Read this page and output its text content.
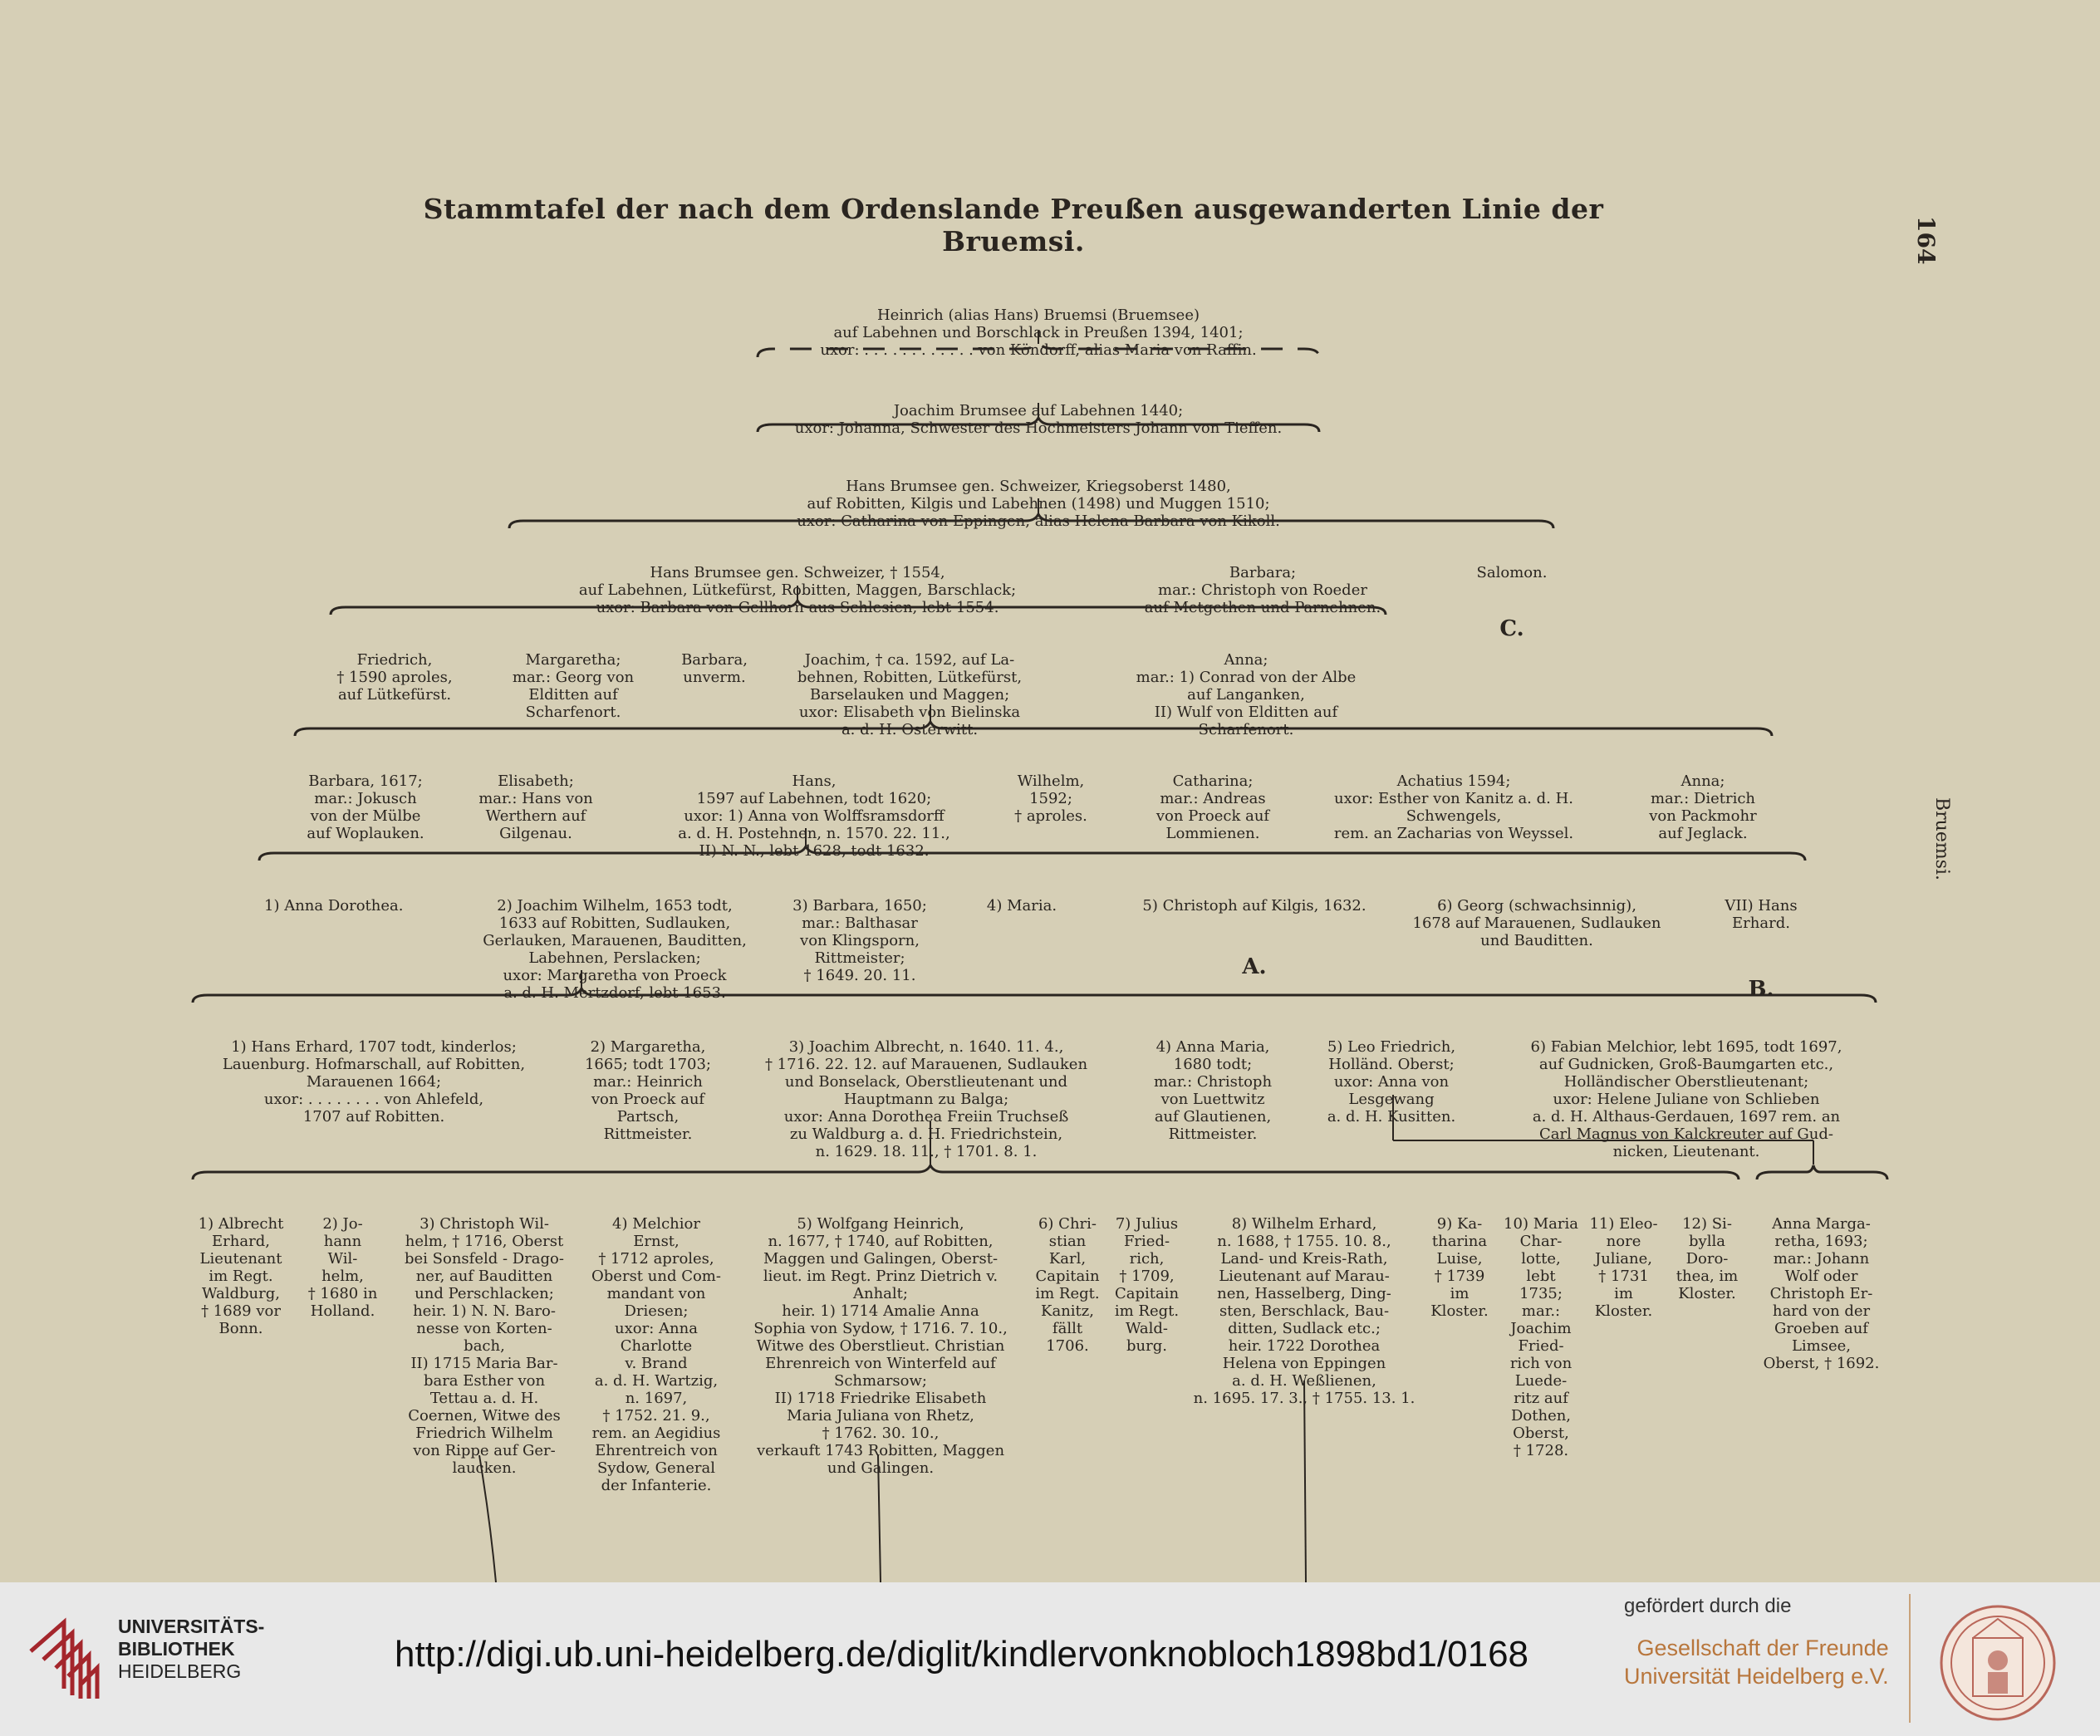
Stammtafel der nach dem Ordenslande Preußen ausgewanderten Linie der Bruemsi.	164
Bruemsi.

Heinrich (alias Hans) Bruemsi (Bruemsee)
auf Labehnen und Borschlack in Preußen 1394, 1401;
uxor: . . . . . . . . . . . . von Köndorff, alias Maria von Raffin.

Joachim Brumsee auf Labehnen 1440;
uxor: Johanna, Schwester des Hochmeisters Johann von Tieffen.

Hans Brumsee gen. Schweizer, Kriegsoberst 1480,
auf Robitten, Kilgis und Labehnen (1498) und Muggen 1510;
uxor: Catharina von Eppingen, alias Helena Barbara von Kikoll.

Hans Brumsee gen. Schweizer, † 1554,
auf Labehnen, Lütkefürst, Robitten, Maggen, Barschlack;
uxor: Barbara von Gellhorn aus Schlesien, lebt 1554.

Barbara;
mar.: Christoph von Roeder
auf Metgethen und Parnehnen.

Salomon.

C.

Friedrich,
† 1590 aproles,
auf Lütkefürst.

Margaretha;
mar.: Georg von
Elditten auf
Scharfenort.

Barbara,
unverm.

Joachim, † ca. 1592, auf La-
behnen, Robitten, Lütkefürst,
Barselauken und Maggen;
uxor: Elisabeth von Bielinska
a. d. H. Osterwitt.

Anna;
mar.: 1) Conrad von der Albe
auf Langanken,
II) Wulf von Elditten auf
Scharfenort.

Barbara, 1617;
mar.: Jokusch
von der Mülbe
auf Woplauken.

Elisabeth;
mar.: Hans von
Werthern auf
Gilgenau.

Hans,
1597 auf Labehnen, todt 1620;
uxor: 1) Anna von Wolffsramsdorff
a. d. H. Postehnen, n. 1570. 22. 11.,
II) N. N., lebt 1628, todt 1632.

Wilhelm,
1592;
† aproles.

Catharina;
mar.: Andreas
von Proeck auf
Lommienen.

Achatius 1594;
uxor: Esther von Kanitz a. d. H.
Schwengels,
rem. an Zacharias von Weyssel.

Anna;
mar.: Dietrich
von Packmohr
auf Jeglack.

1) Anna Dorothea.

	2) Joachim Wilhelm, 1653 todt,
1633 auf Robitten, Sudlauken,
Gerlauken, Marauenen, Bauditten,
Labehnen, Perslacken;
uxor: Margaretha von Proeck
a. d. H. Mertzdorf, lebt 1653.

3) Barbara, 1650;
mar.: Balthasar
von Klingsporn,
Rittmeister;
† 1649. 20. 11.

4) Maria.

	5) Christoph auf Kilgis, 1632.

A.

6) Georg (schwachsinnig),
1678 auf Marauenen, Sudlauken
und Bauditten.

VII) Hans
Erhard.

B.

1) Hans Erhard, 1707 todt, kinderlos;
Lauenburg. Hofmarschall, auf Robitten,
Marauenen 1664;
uxor: . . . . . . . . von Ahlefeld,
1707 auf Robitten.

2) Margaretha,
1665; todt 1703;
mar.: Heinrich
von Proeck auf
Partsch,
Rittmeister.

3) Joachim Albrecht, n. 1640. 11. 4.,
† 1716. 22. 12. auf Marauenen, Sudlauken
und Bonselack, Oberstlieutenant und
Hauptmann zu Balga;
uxor: Anna Dorothea Freiin Truchseß
zu Waldburg a. d. H. Friedrichstein,
n. 1629. 18. 11., † 1701. 8. 1.

4) Anna Maria,
1680 todt;
mar.: Christoph
von Luettwitz
auf Glautienen,
Rittmeister.

5) Leo Friedrich,
Holländ. Oberst;
uxor: Anna von
Lesgewang
a. d. H. Kusitten.

6) Fabian Melchior, lebt 1695, todt 1697,
auf Gudnicken, Groß-Baumgarten etc.,
Holländischer Oberstlieutenant;
uxor: Helene Juliane von Schlieben
a. d. H. Althaus-Gerdauen, 1697 rem. an
Carl Magnus von Kalckreuter auf Gud-
nicken, Lieutenant.

1) Albrecht
Erhard,
Lieutenant
im Regt.
Waldburg,
† 1689 vor
Bonn.

2) Jo-
hann
Wil-
helm,
† 1680 in
Holland.

3) Christoph Wil-
helm, † 1716, Oberst
bei Sonsfeld - Drago-
ner, auf Bauditten
und Perschlacken;
heir. 1) N. N. Baro-
nesse von Korten-
bach,
II) 1715 Maria Bar-
bara Esther von
Tettau a. d. H.
Coernen, Witwe des
Friedrich Wilhelm
von Rippe auf Ger-
laucken.

4) Melchior
Ernst,
† 1712 aproles,
Oberst und Com-
mandant von
Driesen;
uxor: Anna
Charlotte
v. Brand
a. d. H. Wartzig,
n. 1697,
† 1752. 21. 9.,
rem. an Aegidius
Ehrentreich von
Sydow, General
der Infanterie.

5) Wolfgang Heinrich,
n. 1677, † 1740, auf Robitten,
Maggen und Galingen, Oberst-
lieut. im Regt. Prinz Dietrich v.
Anhalt;
heir. 1) 1714 Amalie Anna
Sophia von Sydow, † 1716. 7. 10.,
Witwe des Oberstlieut. Christian
Ehrenreich von Winterfeld auf
Schmarsow;
II) 1718 Friedrike Elisabeth
Maria Juliana von Rhetz,
† 1762. 30. 10.,
verkauft 1743 Robitten, Maggen
und Galingen.

6) Chri-
stian
Karl,
Capitain
im Regt.
Kanitz,
fällt
1706.

7) Julius
Fried-
rich,
† 1709,
Capitain
im Regt.
Wald-
burg.

8) Wilhelm Erhard,
n. 1688, † 1755. 10. 8.,
Land- und Kreis-Rath,
Lieutenant auf Marau-
nen, Hasselberg, Ding-
sten, Berschlack, Bau-
ditten, Sudlack etc.;
heir. 1722 Dorothea
Helena von Eppingen
a. d. H. Weßlienen,
n. 1695. 17. 3., † 1755. 13. 1.

9) Ka-
tharina
Luise,
† 1739
im
Kloster.

10) Maria
Char-
lotte,
lebt
1735;
mar.:
Joachim
Fried-
rich von
Luede-
ritz auf
Dothen,
Oberst,
† 1728.

11) Eleo-
nore
Juliane,
† 1731
im
Kloster.

12) Si-
bylla
Doro-
thea, im
Kloster.

Anna Marga-
retha, 1693;
mar.: Johann
Wolf oder
Christoph Er-
hard von der
Groeben auf
Limsee,
Oberst, † 1692.

UNIVERSITÄTS-
BIBLIOTHEK
HEIDELBERG	http://digi.ub.uni-heidelberg.de/diglit/kindlervonknobloch1898bd1/0168
gefördert durch die
Gesellschaft der Freunde
Universität Heidelberg e.V.
